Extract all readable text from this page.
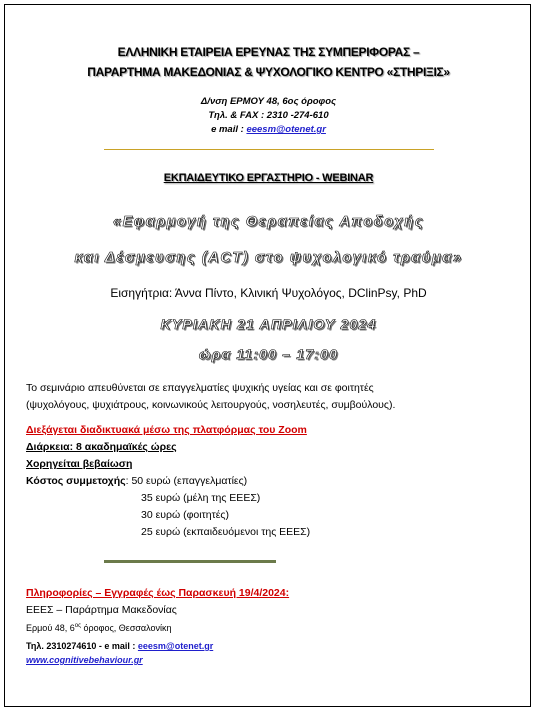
ΕΛΛΗΝΙΚΗ ΕΤΑΙΡΕΙΑ ΕΡΕΥΝΑΣ ΤΗΣ ΣΥΜΠΕΡΙΦΟΡΑΣ –
ΠΑΡΑΡΤΗΜΑ ΜΑΚΕΔΟΝΙΑΣ & ΨΥΧΟΛΟΓΙΚΟ ΚΕΝΤΡΟ «ΣΤΗΡΙΞΙΣ»
Δ/νση ΕΡΜΟΥ 48, 6ος όροφος
Τηλ. & FAX : 2310 -274-610
e mail : eeesm@otenet.gr
ΕΚΠΑΙΔΕΥΤΙΚΟ ΕΡΓΑΣΤΗΡΙΟ - WEBINAR
«Εφαρμογή της Θεραπείας Αποδοχής
και Δέσμευσης (ACT) στο ψυχολογικό τραύμα»
Εισηγήτρια: Άννα Πίντο, Κλινική Ψυχολόγος, DClinPsy, PhD
ΚΥΡΙΑΚΗ 21 ΑΠΡΙΛΙΟΥ 2024
ώρα 11:00 – 17:00
Το σεμινάριο απευθύνεται σε επαγγελματίες ψυχικής υγείας και σε φοιτητές
(ψυχολόγους, ψυχιάτρους, κοινωνικούς λειτουργούς, νοσηλευτές, συμβούλους).
Διεξάγεται διαδικτυακά μέσω της πλατφόρμας του Zoom
Διάρκεια: 8 ακαδημαϊκές ώρες
Χορηγείται βεβαίωση
Κόστος συμμετοχής: 50 ευρώ (επαγγελματίες)
35 ευρώ (μέλη της ΕΕΕΣ)
30 ευρώ (φοιτητές)
25 ευρώ (εκπαιδευόμενοι της ΕΕΕΣ)
Πληροφορίες – Εγγραφές έως Παρασκευή 19/4/2024:
ΕΕΕΣ – Παράρτημα Μακεδονίας
Ερμού 48, $6^{o\varsigma}$ όροφος, Θεσσαλονίκη
Τηλ. 2310274610 - e mail : eeesm@otenet.gr
www.cognitivebehaviour.gr
